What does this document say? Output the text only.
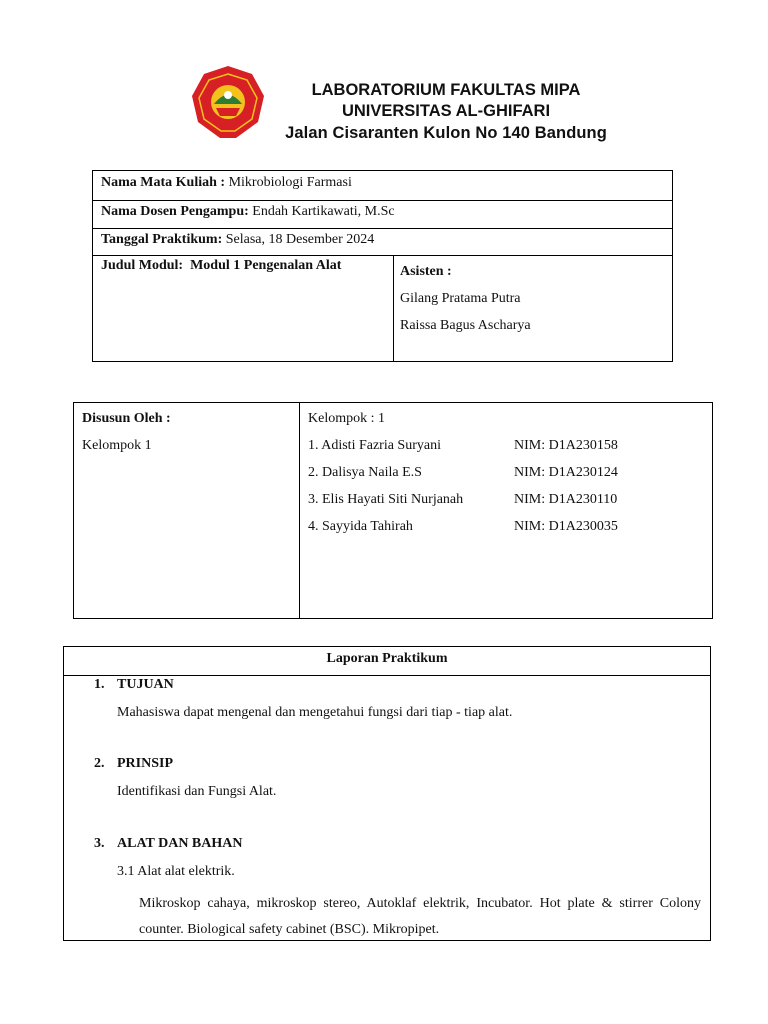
LABORATORIUM FAKULTAS MIPA
UNIVERSITAS AL-GHIFARI
Jalan Cisaranten Kulon No 140 Bandung
Nama Mata Kuliah : Mikrobiologi Farmasi
Nama Dosen Pengampu: Endah Kartikawati, M.Sc
Tanggal Praktikum: Selasa, 18 Desember 2024
Judul Modul: Modul 1 Pengenalan Alat	Asisten :
Gilang Pratama Putra
Raissa Bagus Ascharya
Disusun Oleh :
Kelompok 1
Kelompok : 1
1. Adisti Fazria Suryani	NIM: D1A230158
2. Dalisya Naila E.S	NIM: D1A230124
3. Elis Hayati Siti Nurjanah	NIM: D1A230110
4. Sayyida Tahirah	NIM: D1A230035
Laporan Praktikum
1. TUJUAN
Mahasiswa dapat mengenal dan mengetahui fungsi dari tiap - tiap alat.
2. PRINSIP
Identifikasi dan Fungsi Alat.
3. ALAT DAN BAHAN
3.1 Alat alat elektrik.
Mikroskop cahaya, mikroskop stereo, Autoklaf elektrik, Incubator. Hot plate & stirrer Colony
counter. Biological safety cabinet (BSC). Mikropipet.
